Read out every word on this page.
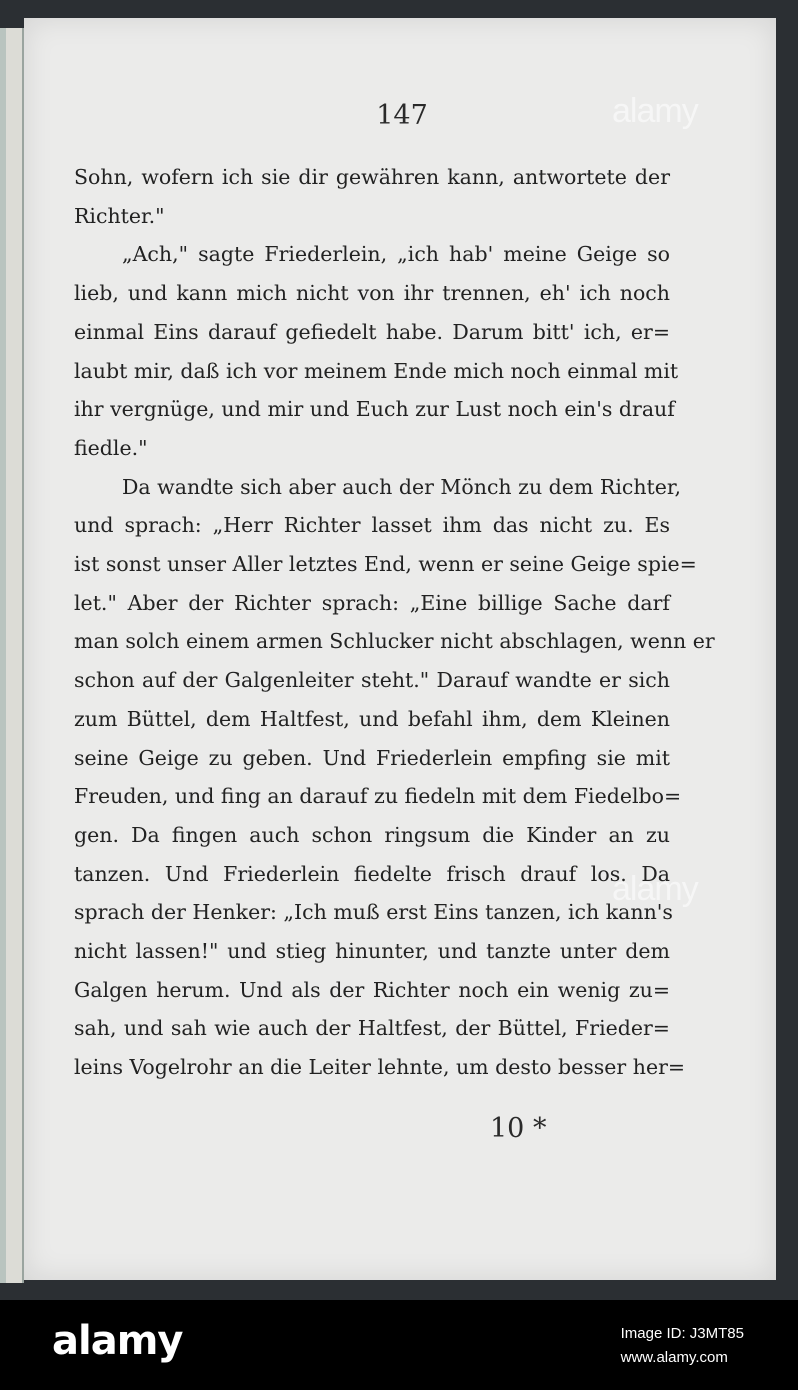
147
Sohn, wofern ich sie dir gewähren kann, antwortete der
Richter."
„Ach," sagte Friederlein, „ich hab' meine Geige so
lieb, und kann mich nicht von ihr trennen, eh' ich noch
einmal Eins darauf gefiedelt habe. Darum bitt' ich, er=
laubt mir, daß ich vor meinem Ende mich noch einmal mit
ihr vergnüge, und mir und Euch zur Lust noch ein's drauf
fiedle."
Da wandte sich aber auch der Mönch zu dem Richter,
und sprach: „Herr Richter lasset ihm das nicht zu. Es
ist sonst unser Aller letztes End, wenn er seine Geige spie=
let." Aber der Richter sprach: „Eine billige Sache darf
man solch einem armen Schlucker nicht abschlagen, wenn er
schon auf der Galgenleiter steht." Darauf wandte er sich
zum Büttel, dem Haltfest, und befahl ihm, dem Kleinen
seine Geige zu geben. Und Friederlein empfing sie mit
Freuden, und fing an darauf zu fiedeln mit dem Fiedelbo=
gen. Da fingen auch schon ringsum die Kinder an zu
tanzen. Und Friederlein fiedelte frisch drauf los. Da
sprach der Henker: „Ich muß erst Eins tanzen, ich kann's
nicht lassen!" und stieg hinunter, und tanzte unter dem
Galgen herum. Und als der Richter noch ein wenig zu=
sah, und sah wie auch der Haltfest, der Büttel, Frieder=
leins Vogelrohr an die Leiter lehnte, um desto besser her=
10 *
alamy
alamy
alamy	Image ID: J3MT85
www.alamy.com
